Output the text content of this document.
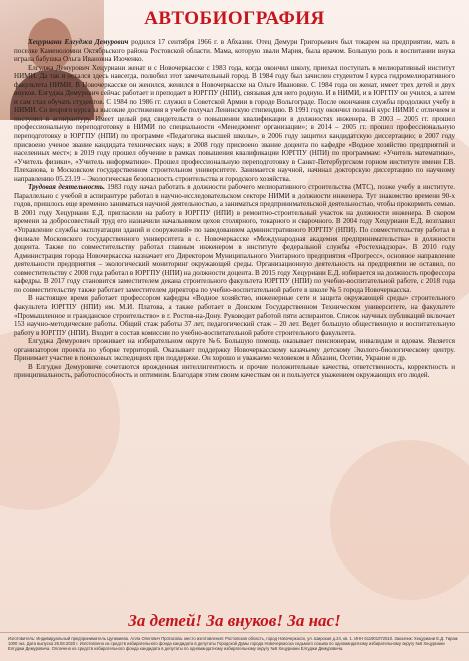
АВТОБИОГРАФИЯ

Хецуриани Елгуджа Демурович родился 17 сентября 1966 г. в Абхазии. Отец Демури Григорьевич был токарем на предприятии, мать в поселке Каменоломни Октябрьского района Ростовской области. Мама, которую звали Мария, была врачом. Большую роль в воспитании внука играла бабушка Ольга Ивановна Изоченко.

Елгуджа Демурович Хецуриани женат и с Новочеркасске с 1983 года, когда окончил школу, приехал поступать в мелиоративный институт НИМИ. Да так и остался здесь навсегда, полюбил этот замечательный город. В 1984 году был зачислен студентом I курса гидромелиоративного факультета НИМИ. В Новочеркасске он женился, женился в Новочеркасске на Ольге Ивановне. С 1984 года он женат, имеет трех детей и двух внуков. Елгуджа Демурович сейчас работает и преподает в ЮРГПУ (НПИ), связывая для него родную. И в НИМИ, и в ЮРГПУ он учился, а затем и сам стал обучать студентов. С 1984 по 1986 гг. служил в Советской Армии в городе Вольгограде. После окончания службы продолжил учебу в НИМИ. Со второго курса за высокие достижения в учебе получал Ленинскую стипендию. В 1991 году окончил полный курс НИМИ с отличием и поступил в аспирантуру. Имеет целый ряд свидетельств о повышении квалификации в должностях инженера. В 2003 – 2005 гг. прошел профессиональную переподготовку в НИМИ по специальности «Менеджмент организации»; в 2014 – 2005 гг. прошел профессиональную переподготовку в ЮРГПУ (НПИ) по программе «Педагогика высшей школы», в 2006 году защитил кандидатскую диссертацию; в 2007 году присвоено ученое звание кандидата технических наук; в 2008 году присвоено звание доцента по кафедре «Водное хозяйство предприятий и населенных мест»; в 2019 году прошел обучение в рамках повышения квалификации ЮРГПУ (НПИ) по программам: «Учитель математики», «Учитель физики», «Учитель информатики». Прошел профессиональную переподготовку в Санкт-Петербургском горном институте имени Г.В. Плеханова, в Московском государственном строительном университете. Занимается научной, начинал докторскую диссертацию по научному направлению 05.23.19 – Экологическая безопасность строительства и городского хозяйства.

Трудовая деятельность. 1983 году начал работать в должности рабочего мелиоративного строительства (МТС), позже учебу в институте. Параллельно с учебой в аспирантуре работал в научно-исследовательском секторе НИМИ в должности инженера. Тут знакомство времени 90-х годов, пришлось еще временно заниматься научной деятельностью, а заниматься предпринимательской деятельностью, чтобы прокормить семью. В 2001 году Хецуриани Е.Д. пригласили на работу в ЮРГПУ (НПИ) в ремонтно-строительный участок на должности инженера. В скором времени за добросовестный труд его назначили начальником цехов столярного, токарного и сварочного. В 2004 году Хецуриани Е.Д. возглавил «Управление службы эксплуатации зданий и сооружений» по заведованием административного ЮРГПУ (НПИ). По совместительству работал в филиале Московского государственного университета в с. Новочеркасске «Международная академия предпринимательства» в должности доцента. Также по совместительству работал главным инженером в институте федеральной службы «Ростехнадзора». В 2010 году Администрация города Новочеркасска назначает его Директором Муниципального Унитарного предприятия «Прогресс», основное направление деятельности предприятия – экологический мониторинг окружающей среды. Организационную деятельность на предприятии не оставил, по совместительству с 2008 года работал в ЮРГПУ (НПИ) на должности доцента. В 2015 году Хецуриани Е.Д. избирается на должность профессора кафедры. В 2017 году становится заместителем декана строительного факультета ЮРГПУ (НПИ) по учебно-воспитательной работе, с 2018 года по совместительству также работает заместителем директора по учебно-воспитательной работе в школе № 5 города Новочеркасска.

В настоящее время работает профессором кафедры «Водное хозяйство, инженерные сети и защита окружающей среды» строительного факультета ЮРГПУ (НПИ) им. М.И. Платова, а также работает в Донском Государственном Техническом университете, на факультете «Промышленное и гражданское строительство» в г. Ростов-на-Дону. Руководит работой пяти аспирантов. Список научных публикаций включает 153 научно-методические работы. Общий стаж работы 37 лет, педагогический стаж – 20 лет. Ведет большую общественную и воспитательную работу в ЮРГПУ (НПИ). Входит в состав комиссии по учебно-воспитательной работе строительного факультета.

Елгуджа Демурович проживает на избирательном округе №6. Большую помощь оказывает пенсионерам, инвалидам и вдовам. Является организатором проекта по уборке территорий. Оказывает поддержку Новочеркасскому казачьему детскому Эколого-биологическому центру. Принимает участие в поисковых экспедициях при поддержке. Он хорошо и уважаемо человеком в Абхазии, Осетии, Украине и др.

В Елгудже Демуровиче сочетаются врожденная интеллигентность и прочие положительные качества, ответственность, корректность и принципиальность, работоспособность и оптимизм. Благодаря этим своим качествам он и пользуется уважением окружающих его людей.

За детей! За внуков! За нас!
Изготовитель: Индивидуальный предприниматель Цупикиева. Алла Олегович Протасова. место изготовления: Ростовская область, город Новочеркасск, ул. Широкая д.24, кв. 1. ИНН 611901072510. Заказчик: Хецуриани Е.Д. Тираж 1000 экз. Дата выпуска 26.08.2020 г. Изготовлено из средств избирательного фонда кандидата в депутаты Городской Думы города Новочеркасска седьмого созыва по одномандатному избирательному округу №6 Хецуриани Елгуджи Демуровича. Оплачено из средств избирательного фонда кандидата в депутаты по одномандатному избирательному округу №6 Хецуриани Елгуджи Демуровича.
